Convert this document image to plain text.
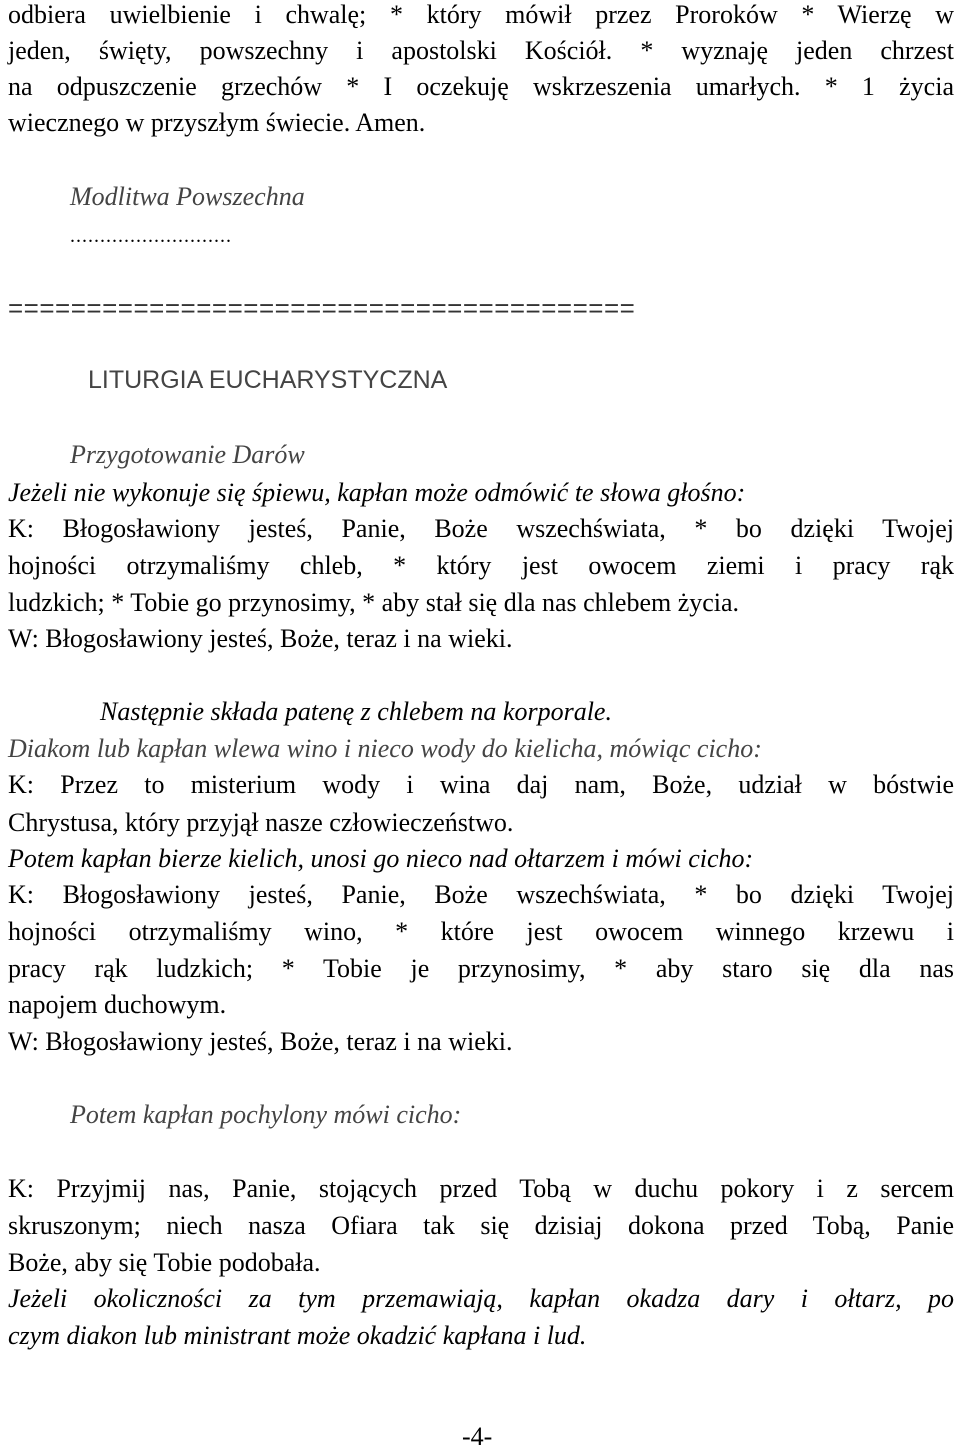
odbiera uwielbienie i chwalę; * który mówił przez Proroków * Wierzę w
jeden, święty, powszechny i apostolski Kościół. * wyznaję jeden chrzest
na odpuszczenie grzechów * I oczekuję wskrzeszenia umarłych. * 1 życia
wiecznego w przyszłym świecie. Amen.
Modlitwa Powszechna
...........................
========================================
LITURGIA EUCHARYSTYCZNA
Przygotowanie Darów
Jeżeli nie wykonuje się śpiewu, kapłan może odmówić te słowa głośno:
K: Błogosławiony jesteś, Panie, Boże wszechświata, * bo dzięki Twojej
hojności otrzymaliśmy chleb, * który jest owocem ziemi i pracy rąk
ludzkich; * Tobie go przynosimy, * aby stał się dla nas chlebem życia.
W: Błogosławiony jesteś, Boże, teraz i na wieki.
Następnie składa patenę z chlebem na korporale.
Diakom lub kapłan wlewa wino i nieco wody do kielicha, mówiąc cicho:
K: Przez to misterium wody i wina daj nam, Boże, udział w bóstwie
Chrystusa, który przyjął nasze człowieczeństwo.
Potem kapłan bierze kielich, unosi go nieco nad ołtarzem i mówi cicho:
K: Błogosławiony jesteś, Panie, Boże wszechświata, * bo dzięki Twojej
hojności otrzymaliśmy wino, * które jest owocem winnego krzewu i
pracy rąk ludzkich; * Tobie je przynosimy, * aby staro się dla nas
napojem duchowym.
W: Błogosławiony jesteś, Boże, teraz i na wieki.
Potem kapłan pochylony mówi cicho:
K: Przyjmij nas, Panie, stojących przed Tobą w duchu pokory i z sercem
skruszonym; niech nasza Ofiara tak się dzisiaj dokona przed Tobą, Panie
Boże, aby się Tobie podobała.
Jeżeli okoliczności za tym przemawiają, kapłan okadza dary i ołtarz, po
czym diakon lub ministrant może okadzić kapłana i lud.
-4-
